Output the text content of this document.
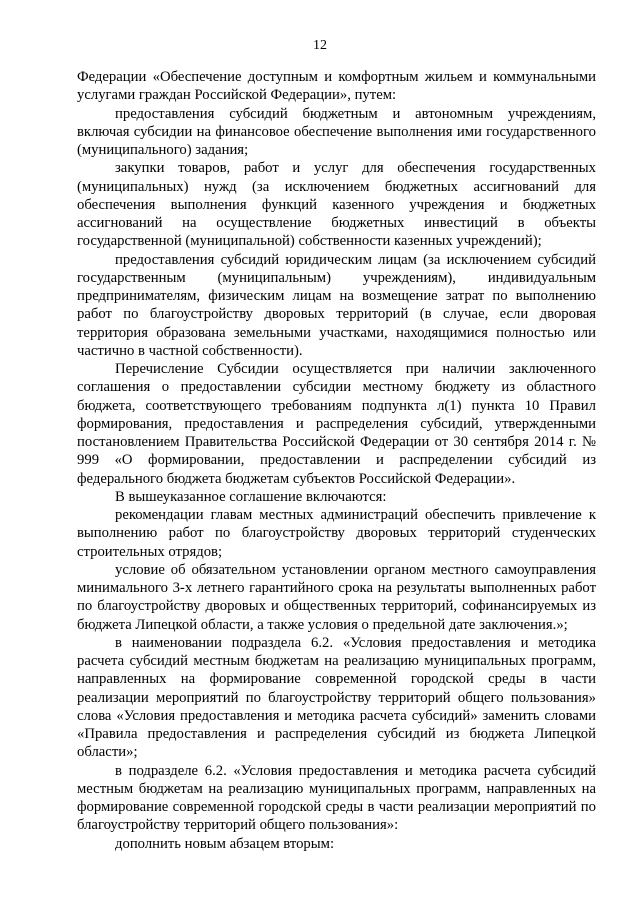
12

Федерации «Обеспечение доступным и комфортным жильем и коммунальными услугами граждан Российской Федерации», путем:

предоставления субсидий бюджетным и автономным учреждениям, включая субсидии на финансовое обеспечение выполнения ими государственного (муниципального) задания;

закупки товаров, работ и услуг для обеспечения государственных (муниципальных) нужд (за исключением бюджетных ассигнований для обеспечения выполнения функций казенного учреждения и бюджетных ассигнований на осуществление бюджетных инвестиций в объекты государственной (муниципальной) собственности казенных учреждений);

предоставления субсидий юридическим лицам (за исключением субсидий государственным (муниципальным) учреждениям), индивидуальным предпринимателям, физическим лицам на возмещение затрат по выполнению работ по благоустройству дворовых территорий (в случае, если дворовая территория образована земельными участками, находящимися полностью или частично в частной собственности).

Перечисление Субсидии осуществляется при наличии заключенного соглашения о предоставлении субсидии местному бюджету из областного бюджета, соответствующего требованиям подпункта л(1) пункта 10 Правил формирования, предоставления и распределения субсидий, утвержденными постановлением Правительства Российской Федерации от 30 сентября 2014 г. № 999 «О формировании, предоставлении и распределении субсидий из федерального бюджета бюджетам субъектов Российской Федерации».

В вышеуказанное соглашение включаются:

рекомендации главам местных администраций обеспечить привлечение к выполнению работ по благоустройству дворовых территорий студенческих строительных отрядов;

условие об обязательном установлении органом местного самоуправления минимального 3-х летнего гарантийного срока на результаты выполненных работ по благоустройству дворовых и общественных территорий, софинансируемых из бюджета Липецкой области, а также условия о предельной дате заключения.»;

в наименовании подраздела 6.2. «Условия предоставления и методика расчета субсидий местным бюджетам на реализацию муниципальных программ, направленных на формирование современной городской среды в части реализации мероприятий по благоустройству территорий общего пользования» слова «Условия предоставления и методика расчета субсидий» заменить словами «Правила предоставления и распределения субсидий из бюджета Липецкой области»;

в подразделе 6.2. «Условия предоставления и методика расчета субсидий местным бюджетам на реализацию муниципальных программ, направленных на формирование современной городской среды в части реализации мероприятий по благоустройству территорий общего пользования»:

дополнить новым абзацем вторым:
